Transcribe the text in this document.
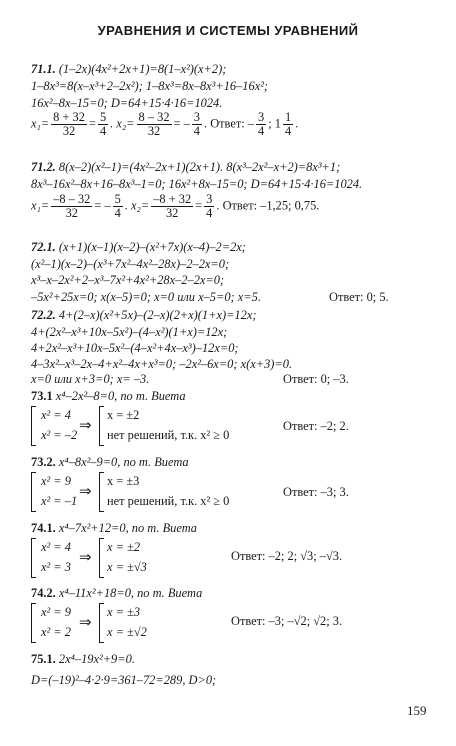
УРАВНЕНИЯ И СИСТЕМЫ УРАВНЕНИЙ
71.1. (1–2x)(4x²+2x+1)=8(1–x²)(x+2);
1–8x³=8(x–x³+2–2x²); 1–8x³=8x–8x³+16–16x²;
16x²–8x–15=0; D=64+15·4·16=1024.
$x_1= \frac{8 + 32}{32} = \frac{5}{4}$ . $x_2= \frac{8 - 32}{32}$ = – $\frac{3}{4}$ . Ответ: – $\frac{3}{4}$ ; $1 \frac{1}{4}$ .
71.2. 8(x–2)(x²–1)=(4x²–2x+1)(2x+1). 8(x³–2x²–x+2)=8x³+1;
8x³–16x²–8x+16–8x³–1=0; 16x²+8x–15=0; D=64+15·4·16=1024.
$x_1= \frac{-8 - 32}{32}$ = – $\frac{5}{4}$ . $x_2= \frac{-8 + 32}{32} = \frac{3}{4}$ . Ответ: –1,25; 0,75.
72.1. (x+1)(x–1)(x–2)–(x²+7x)(x–4)–2=2x;
(x²–1)(x–2)–(x³+7x²–4x²–28x)–2–2x=0;
x³–x–2x²+2–x³–7x²+4x²+28x–2–2x=0;
–5x²+25x=0; x(x–5)=0; x=0 или x–5=0; x=5.	Ответ: 0; 5.
72.2. 4+(2–x)(x²+5x)–(2–x)(2+x)(1+x)=12x;
4+(2x²–x³+10x–5x²)–(4–x²)(1+x)=12x;
4+2x²–x³+10x–5x²–(4–x²+4x–x³)–12x=0;
4–3x²–x³–2x–4+x²–4x+x³=0; –2x²–6x=0; x(x+3)=0.
x=0 или x+3=0; x= –3.	Ответ: 0; –3.
73.1 x⁴–2x²–8=0, по т. Виета
x² = 4
x² = –2
⇒
x = ±2
нет решений, т.к. x² ≥ 0
Ответ: –2; 2.
73.2. x⁴–8x²–9=0, по т. Виета
x² = 9
x² = –1
⇒
x = ±3
нет решений, т.к. x² ≥ 0
Ответ: –3; 3.
74.1. x⁴–7x²+12=0, по т. Виета
x² = 4
x² = 3
⇒
x = ±2
x = ±√3
Ответ: –2; 2; √3; –√3.
74.2. x⁴–11x²+18=0, по т. Виета
x² = 9
x² = 2
⇒
x = ±3
x = ±√2
Ответ: –3; –√2; √2; 3.
75.1. 2x⁴–19x²+9=0.
D=(–19)²–4·2·9=361–72=289, D>0;
159
